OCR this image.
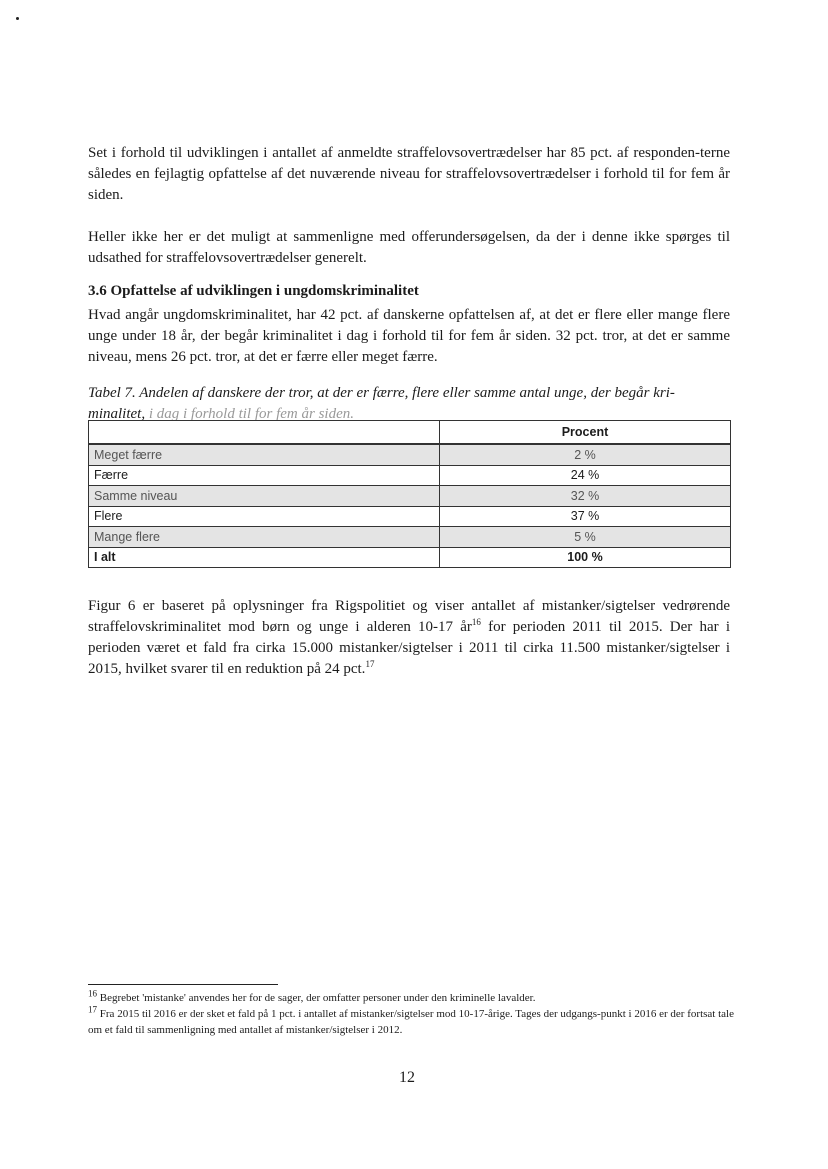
Set i forhold til udviklingen i antallet af anmeldte straffelovsovertrædelser har 85 pct. af responden-terne således en fejlagtig opfattelse af det nuværende niveau for straffelovsovertrædelser i forhold til for fem år siden.

Heller ikke her er det muligt at sammenligne med offerundersøgelsen, da der i denne ikke spørges til udsathed for straffelovsovertrædelser generelt.

3.6 Opfattelse af udviklingen i ungdomskriminalitet

Hvad angår ungdomskriminalitet, har 42 pct. af danskerne opfattelsen af, at det er flere eller mange flere unge under 18 år, der begår kriminalitet i dag i forhold til for fem år siden. 32 pct. tror, at det er samme niveau, mens 26 pct. tror, at det er færre eller meget færre.

Tabel 7. Andelen af danskere der tror, at der er færre, flere eller samme antal unge, der begår kri-minalitet, i dag i forhold til for fem år siden.

	Procent
Meget færre	2 %
Færre	24 %
Samme niveau	32 %
Flere	37 %
Mange flere	5 %
I alt	100 %

Figur 6 er baseret på oplysninger fra Rigspolitiet og viser antallet af mistanker/sigtelser vedrørende straffelovskriminalitet mod børn og unge i alderen 10-17 $år^{16}$ for perioden 2011 til 2015. Der har i perioden været et fald fra cirka 15.000 mistanker/sigtelser i 2011 til cirka 11.500 mistanker/sigtelser i 2015, hvilket svarer til en reduktion på 24 pct.$^{17}$

$^{16}$ Begrebet 'mistanke' anvendes her for de sager, der omfatter personer under den kriminelle lavalder.
$^{17}$ Fra 2015 til 2016 er der sket et fald på 1 pct. i antallet af mistanker/sigtelser mod 10-17-årige. Tages der udgangs-punkt i 2016 er der fortsat tale om et fald til sammenligning med antallet af mistanker/sigtelser i 2012.
12
